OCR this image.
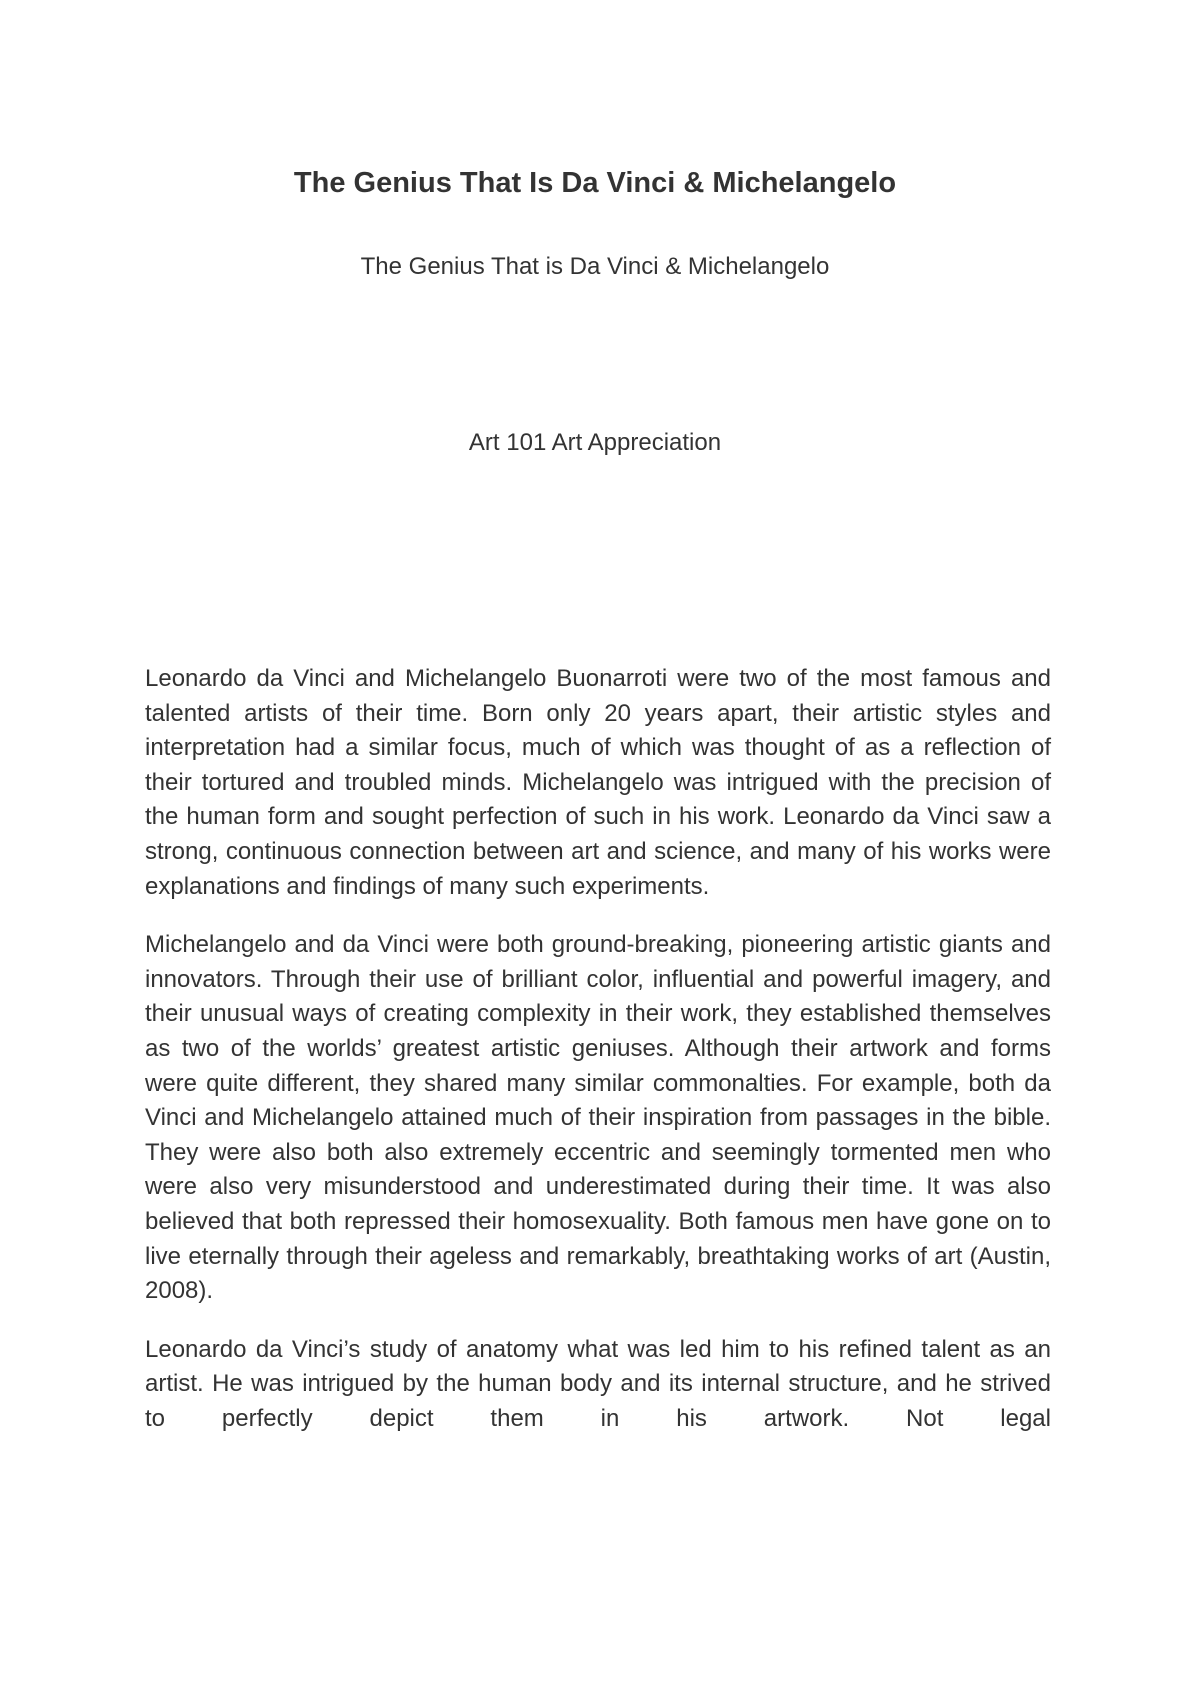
The Genius That Is Da Vinci & Michelangelo
The Genius That is Da Vinci & Michelangelo
Art 101 Art Appreciation

Leonardo da Vinci and Michelangelo Buonarroti were two of the most famous and talented artists of their time. Born only 20 years apart, their artistic styles and interpretation had a similar focus, much of which was thought of as a reflection of their tortured and troubled minds. Michelangelo was intrigued with the precision of the human form and sought perfection of such in his work. Leonardo da Vinci saw a strong, continuous connection between art and science, and many of his works were explanations and findings of many such experiments.

Michelangelo and da Vinci were both ground-breaking, pioneering artistic giants and innovators. Through their use of brilliant color, influential and powerful imagery, and their unusual ways of creating complexity in their work, they established themselves as two of the worlds’ greatest artistic geniuses. Although their artwork and forms were quite different, they shared many similar commonalties. For example, both da Vinci and Michelangelo attained much of their inspiration from passages in the bible. They were also both also extremely eccentric and seemingly tormented men who were also very misunderstood and underestimated during their time. It was also believed that both repressed their homosexuality. Both famous men have gone on to live eternally through their ageless and remarkably, breathtaking works of art (Austin, 2008).

Leonardo da Vinci’s study of anatomy what was led him to his refined talent as an artist. He was intrigued by the human body and its internal structure, and he strived to perfectly depict them in his artwork. Not legal
